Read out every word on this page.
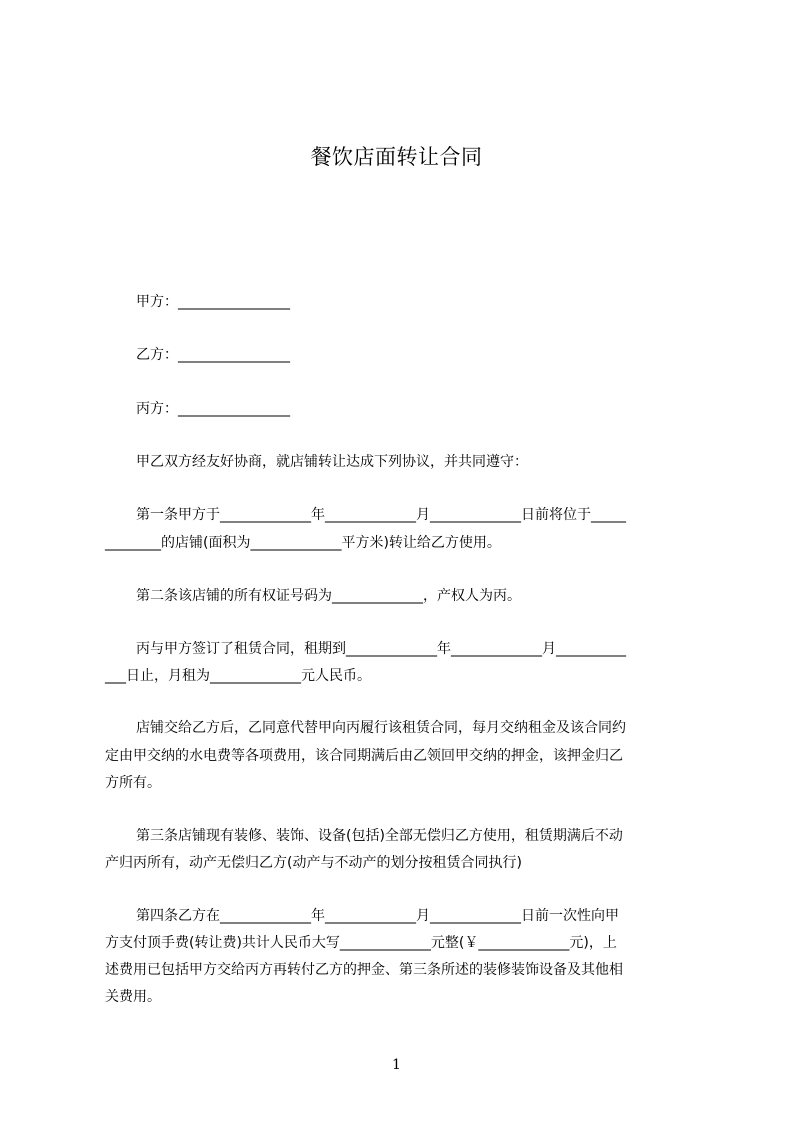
餐饮店面转让合同
甲方：________________
乙方：________________
丙方：________________
甲乙双方经友好协商，就店铺转让达成下列协议，并共同遵守：
第一条甲方于_____________年_____________月_____________日前将位于_____
________的店铺(面积为_____________平方米)转让给乙方使用。
第二条该店铺的所有权证号码为_____________，产权人为丙。
丙与甲方签订了租赁合同，租期到_____________年_____________月__________
___日止，月租为_____________元人民币。
店铺交给乙方后，乙同意代替甲向丙履行该租赁合同，每月交纳租金及该合同约
定由甲交纳的水电费等各项费用，该合同期满后由乙领回甲交纳的押金，该押金归乙
方所有。
第三条店铺现有装修、装饰、设备(包括)全部无偿归乙方使用，租赁期满后不动
产归丙所有，动产无偿归乙方(动产与不动产的划分按租赁合同执行)
第四条乙方在_____________年_____________月_____________日前一次性向甲
方支付顶手费(转让费)共计人民币大写_____________元整(￥_____________元)，上
述费用已包括甲方交给丙方再转付乙方的押金、第三条所述的装修装饰设备及其他相
关费用。
1
